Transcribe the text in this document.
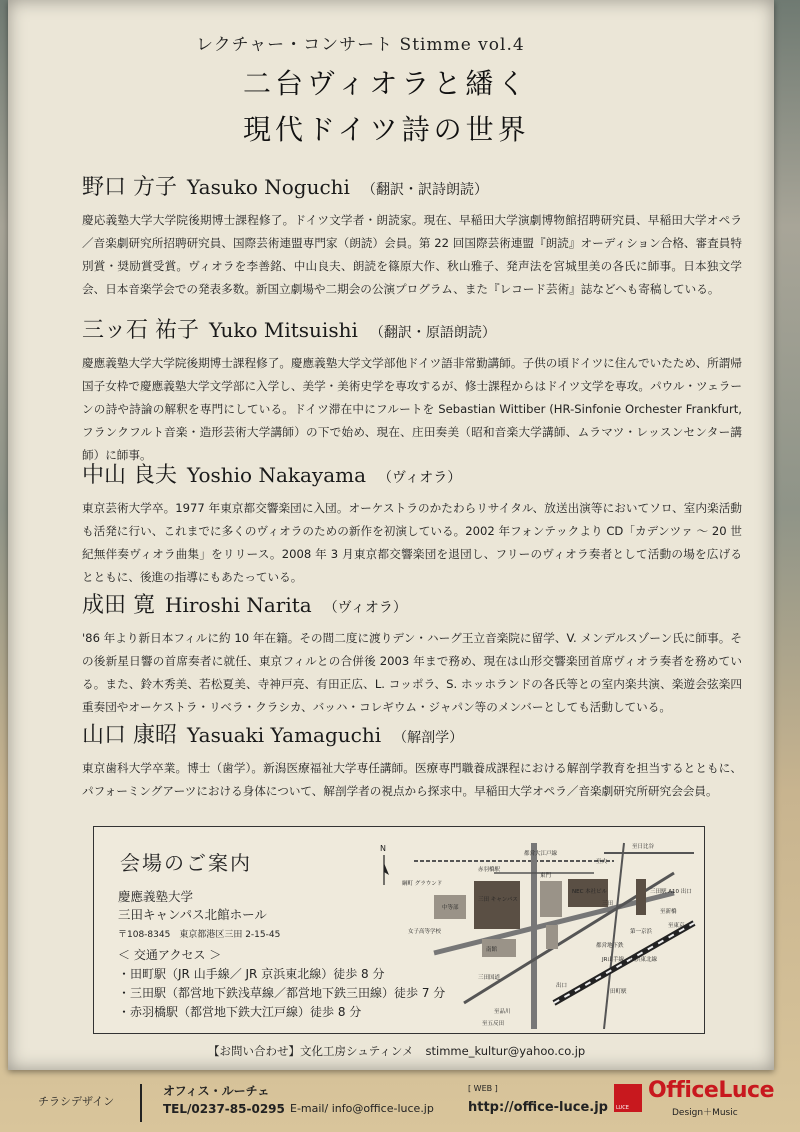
レクチャー・コンサート Stimme vol.4
二台ヴィオラと繙く
現代ドイツ詩の世界
野口 方子 Yasuko Noguchi （翻訳・訳詩朗読）
慶応義塾大学大学院後期博士課程修了。ドイツ文学者・朗読家。現在、早稲田大学演劇博物館招聘研究員、早稲田大学オペラ／音楽劇研究所招聘研究員、国際芸術連盟専門家（朗読）会員。第 22 回国際芸術連盟『朗読』オーディション合格、審査員特別賞・奨励賞受賞。ヴィオラを李善銘、中山良夫、朗読を篠原大作、秋山雅子、発声法を宮城里美の各氏に師事。日本独文学会、日本音楽学会での発表多数。新国立劇場や二期会の公演プログラム、また『レコード芸術』誌などへも寄稿している。
三ッ石 祐子 Yuko Mitsuishi （翻訳・原語朗読）
慶應義塾大学大学院後期博士課程修了。慶應義塾大学文学部他ドイツ語非常勤講師。子供の頃ドイツに住んでいたため、所謂帰国子女枠で慶應義塾大学文学部に入学し、美学・美術史学を専攻するが、修士課程からはドイツ文学を専攻。パウル・ツェラーンの詩や詩論の解釈を専門にしている。ドイツ滞在中にフルートを Sebastian Wittiber (HR-Sinfonie Orchester Frankfurt, フランクフルト音楽・造形芸術大学講師）の下で始め、現在、庄田奏美（昭和音楽大学講師、ムラマツ・レッスンセンター講師）に師事。
中山 良夫 Yoshio Nakayama （ヴィオラ）
東京芸術大学卒。1977 年東京都交響楽団に入団。オーケストラのかたわらリサイタル、放送出演等においてソロ、室内楽活動も活発に行い、これまでに多くのヴィオラのための新作を初演している。2002 年フォンテックより CD「カデンツァ ～ 20 世紀無伴奏ヴィオラ曲集」をリリース。2008 年 3 月東京都交響楽団を退団し、フリーのヴィオラ奏者として活動の場を広げるとともに、後進の指導にもあたっている。
成田 寛 Hiroshi Narita （ヴィオラ）
'86 年より新日本フィルに約 10 年在籍。その間二度に渡りデン・ハーグ王立音楽院に留学、V. メンデルスゾーン氏に師事。その後新星日響の首席奏者に就任、東京フィルとの合併後 2003 年まで務め、現在は山形交響楽団首席ヴィオラ奏者を務めている。また、鈴木秀美、若松夏美、寺神戸亮、有田正広、L. コッポラ、S. ホッホランドの各氏等との室内楽共演、楽遊会弦楽四重奏団やオーケストラ・リベラ・クラシカ、バッハ・コレギウム・ジャパン等のメンバーとしても活動している。
山口 康昭 Yasuaki Yamaguchi （解剖学）
東京歯科大学卒業。博士（歯学）。新潟医療福祉大学専任講師。医療専門職養成課程における解剖学教育を担当するとともに、パフォーミングアーツにおける身体について、解剖学者の視点から探求中。早稲田大学オペラ／音楽劇研究所研究会会員。
会場のご案内
慶應義塾大学
三田キャンパス北館ホール
〒108-8345　東京都港区三田 2-15-45
＜ 交通アクセス ＞
・田町駅（JR 山手線／ JR 京浜東北線）徒歩 8 分
・三田駅（都営地下鉄浅草線／都営地下鉄三田線）徒歩 7 分
・赤羽橋駅（都営地下鉄大江戸線）徒歩 8 分
N
都営大江戸線
赤羽橋駅
至日比谷
綱町 グラウンド
中等部
三田 キャンパス
東門
NEC 本社ビル	三田駅 A10 出口
至新橋
至東京
女子高等学校
南館
三田国道
田町駅
出口
JR山手線・京浜東北線
都営地下鉄
第一京浜
至五反田
至品川
三田
至大
【お問い合わせ】文化工房シュティンメ stimme_kultur@yahoo.co.jp
チラシデザイン
オフィス・ルーチェ
TEL/0237-85-0295 E-mail/ info@office-luce.jp
[ WEB ]
http://office-luce.jp LUCE
OfficeLuce
Design＋Music
